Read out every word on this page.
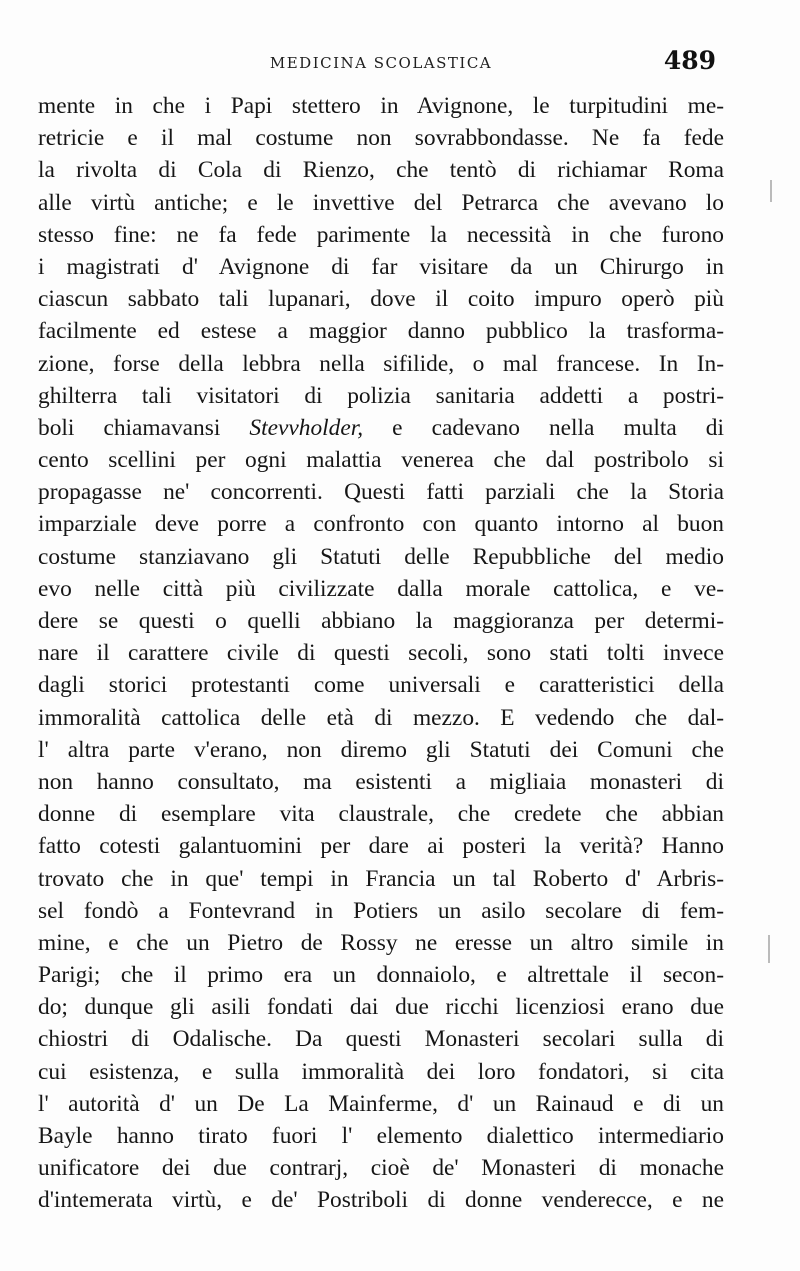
MEDICINA SCOLASTICA	489
mente in che i Papi stettero in Avignone, le turpitudini me-
retricie e il mal costume non sovrabbondasse. Ne fa fede
la rivolta di Cola di Rienzo, che tentò di richiamar Roma
alle virtù antiche; e le invettive del Petrarca che avevano lo
stesso fine: ne fa fede parimente la necessità in che furono
i magistrati d' Avignone di far visitare da un Chirurgo in
ciascun sabbato tali lupanari, dove il coito impuro operò più
facilmente ed estese a maggior danno pubblico la trasforma-
zione, forse della lebbra nella sifilide, o mal francese. In In-
ghilterra tali visitatori di polizia sanitaria addetti a postri-
boli chiamavansi Stevvholder, e cadevano nella multa di
cento scellini per ogni malattia venerea che dal postribolo si
propagasse ne' concorrenti. Questi fatti parziali che la Storia
imparziale deve porre a confronto con quanto intorno al buon
costume stanziavano gli Statuti delle Repubbliche del medio
evo nelle città più civilizzate dalla morale cattolica, e ve-
dere se questi o quelli abbiano la maggioranza per determi-
nare il carattere civile di questi secoli, sono stati tolti invece
dagli storici protestanti come universali e caratteristici della
immoralità cattolica delle età di mezzo. E vedendo che dal-
l' altra parte v'erano, non diremo gli Statuti dei Comuni che
non hanno consultato, ma esistenti a migliaia monasteri di
donne di esemplare vita claustrale, che credete che abbian
fatto cotesti galantuomini per dare ai posteri la verità? Hanno
trovato che in que' tempi in Francia un tal Roberto d' Arbris-
sel fondò a Fontevrand in Potiers un asilo secolare di fem-
mine, e che un Pietro de Rossy ne eresse un altro simile in
Parigi; che il primo era un donnaiolo, e altrettale il secon-
do; dunque gli asili fondati dai due ricchi licenziosi erano due
chiostri di Odalische. Da questi Monasteri secolari sulla di
cui esistenza, e sulla immoralità dei loro fondatori, si cita
l' autorità d' un De La Mainferme, d' un Rainaud e di un
Bayle hanno tirato fuori l' elemento dialettico intermediario
unificatore dei due contrarj, cioè de' Monasteri di monache
d'intemerata virtù, e de' Postriboli di donne venderecce, e ne
